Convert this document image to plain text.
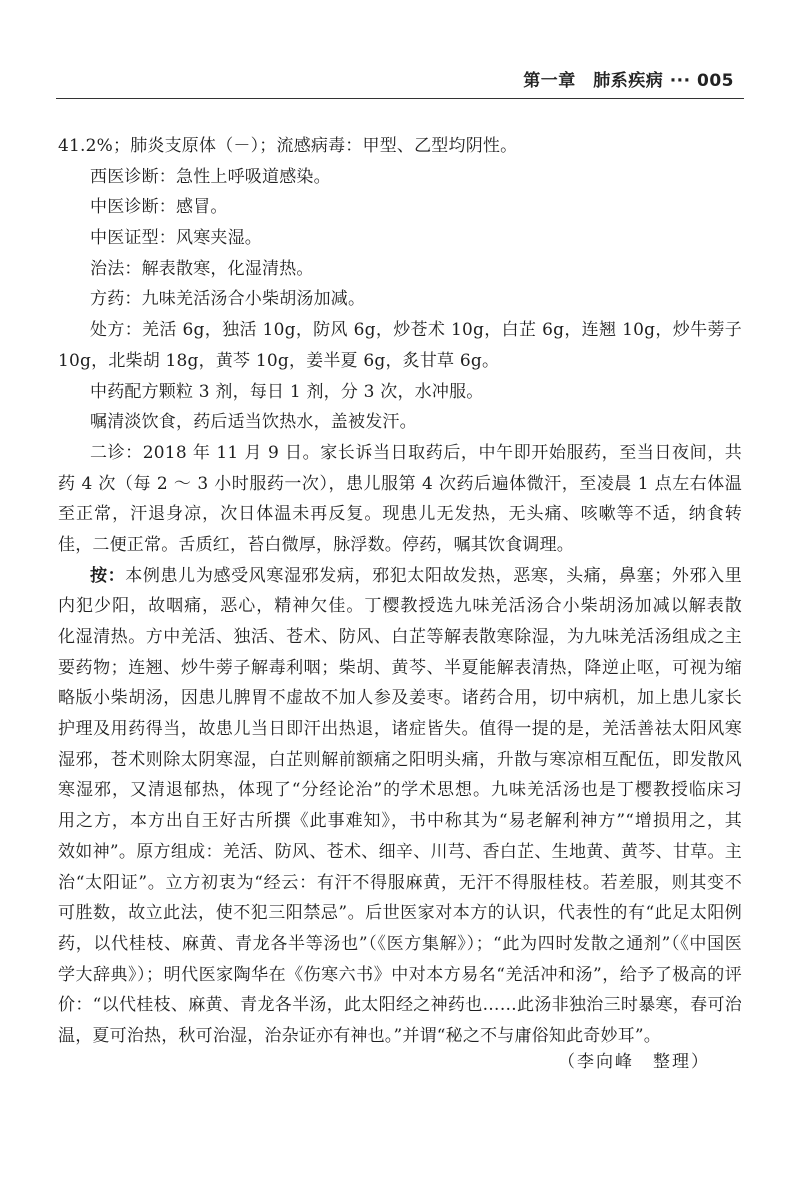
第一章　肺系疾病 ··· 005
41.2%；肺炎支原体（－）；流感病毒：甲型、乙型均阴性。
西医诊断：急性上呼吸道感染。
中医诊断：感冒。
中医证型：风寒夹湿。
治法：解表散寒，化湿清热。
方药：九味羌活汤合小柴胡汤加减。
处方：羌活 6g，独活 10g，防风 6g，炒苍术 10g，白芷 6g，连翘 10g，炒牛蒡子
10g，北柴胡 18g，黄芩 10g，姜半夏 6g，炙甘草 6g。
中药配方颗粒 3 剂，每日 1 剂，分 3 次，水冲服。
嘱清淡饮食，药后适当饮热水，盖被发汗。
二诊：2018 年 11 月 9 日。家长诉当日取药后，中午即开始服药，至当日夜间，共
药 4 次（每 2 ～ 3 小时服药一次），患儿服第 4 次药后遍体微汗，至凌晨 1 点左右体温
至正常，汗退身凉，次日体温未再反复。现患儿无发热，无头痛、咳嗽等不适，纳食转
佳，二便正常。舌质红，苔白微厚，脉浮数。停药，嘱其饮食调理。
按：本例患儿为感受风寒湿邪发病，邪犯太阳故发热，恶寒，头痛，鼻塞；外邪入里
内犯少阳，故咽痛，恶心，精神欠佳。丁樱教授选九味羌活汤合小柴胡汤加减以解表散
化湿清热。方中羌活、独活、苍术、防风、白芷等解表散寒除湿，为九味羌活汤组成之主
要药物；连翘、炒牛蒡子解毒利咽；柴胡、黄芩、半夏能解表清热，降逆止呕，可视为缩
略版小柴胡汤，因患儿脾胃不虚故不加人参及姜枣。诸药合用，切中病机，加上患儿家长
护理及用药得当，故患儿当日即汗出热退，诸症皆失。值得一提的是，羌活善祛太阳风寒
湿邪，苍术则除太阴寒湿，白芷则解前额痛之阳明头痛，升散与寒凉相互配伍，即发散风
寒湿邪，又清退郁热，体现了“分经论治”的学术思想。九味羌活汤也是丁樱教授临床习
用之方，本方出自王好古所撰《此事难知》，书中称其为“易老解利神方”“增损用之，其
效如神”。原方组成：羌活、防风、苍术、细辛、川芎、香白芷、生地黄、黄芩、甘草。主
治“太阳证”。立方初衷为“经云：有汗不得服麻黄，无汗不得服桂枝。若差服，则其变不
可胜数，故立此法，使不犯三阳禁忌”。后世医家对本方的认识，代表性的有“此足太阳例
药，以代桂枝、麻黄、青龙各半等汤也”（《医方集解》）；“此为四时发散之通剂”（《中国医
学大辞典》）；明代医家陶华在《伤寒六书》中对本方易名“羌活冲和汤”，给予了极高的评
价：“以代桂枝、麻黄、青龙各半汤，此太阳经之神药也……此汤非独治三时暴寒，春可治
温，夏可治热，秋可治湿，治杂证亦有神也。”并谓“秘之不与庸俗知此奇妙耳”。
（李向峰　整理）
